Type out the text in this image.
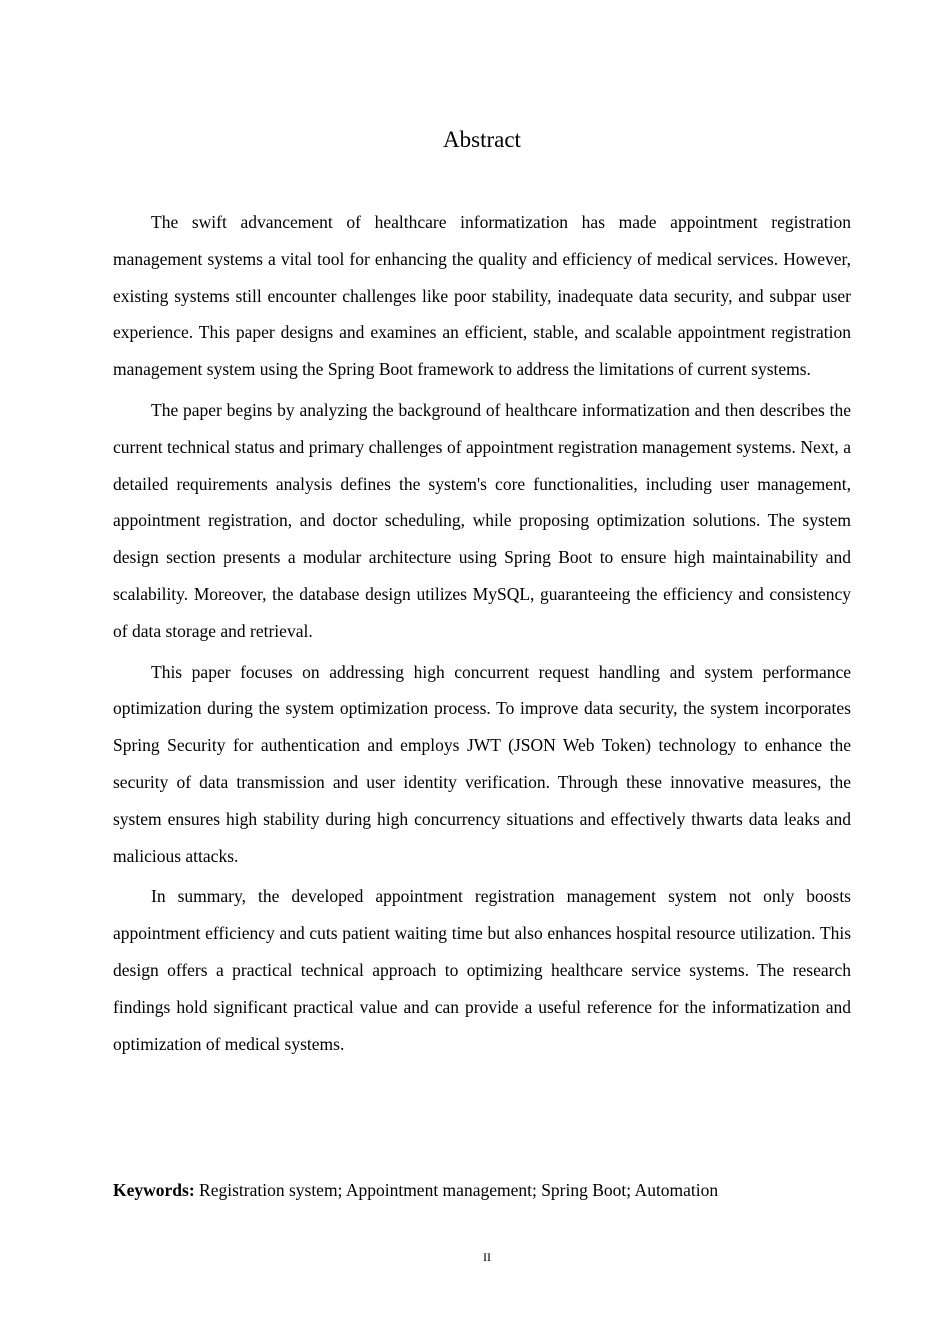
Abstract

The swift advancement of healthcare informatization has made appointment registration management systems a vital tool for enhancing the quality and efficiency of medical services. However, existing systems still encounter challenges like poor stability, inadequate data security, and subpar user experience. This paper designs and examines an efficient, stable, and scalable appointment registration management system using the Spring Boot framework to address the limitations of current systems.

The paper begins by analyzing the background of healthcare informatization and then describes the current technical status and primary challenges of appointment registration management systems. Next, a detailed requirements analysis defines the system's core functionalities, including user management, appointment registration, and doctor scheduling, while proposing optimization solutions. The system design section presents a modular architecture using Spring Boot to ensure high maintainability and scalability. Moreover, the database design utilizes MySQL, guaranteeing the efficiency and consistency of data storage and retrieval.

This paper focuses on addressing high concurrent request handling and system performance optimization during the system optimization process. To improve data security, the system incorporates Spring Security for authentication and employs JWT (JSON Web Token) technology to enhance the security of data transmission and user identity verification. Through these innovative measures, the system ensures high stability during high concurrency situations and effectively thwarts data leaks and malicious attacks.

In summary, the developed appointment registration management system not only boosts appointment efficiency and cuts patient waiting time but also enhances hospital resource utilization. This design offers a practical technical approach to optimizing healthcare service systems. The research findings hold significant practical value and can provide a useful reference for the informatization and optimization of medical systems.

Keywords: Registration system; Appointment management; Spring Boot; Automation

II
